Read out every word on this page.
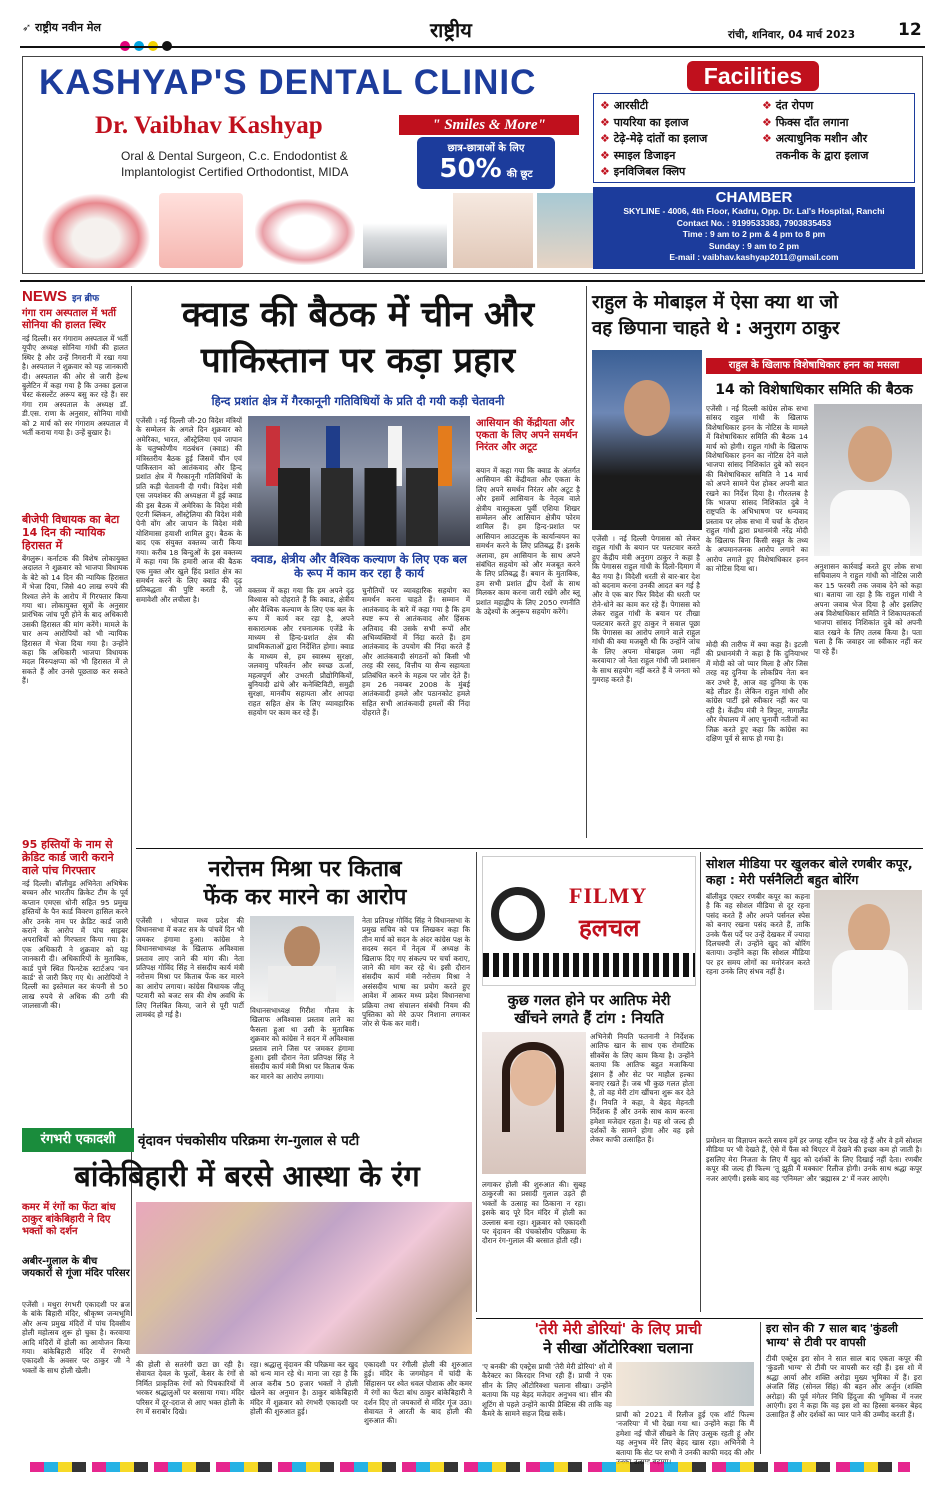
➶ राष्ट्रीय नवीन मेल	राष्ट्रीय	रांची, शनिवार, 04 मार्च 2023	12
KASHYAP'S DENTAL CLINIC
Dr. Vaibhav Kashyap	" Smiles & More"
Oral & Dental Surgeon, C.c. Endodontist &
Implantologist Certified Orthodontist, MIDA
छात्र-छात्राओं के लिए
50% की छूट
Facilities
❖ आरसीटी
❖ पायरिया का इलाज
❖ टेढ़े-मेढ़े दांतों का इलाज
❖ स्माइल डिजाइन
❖ इनविजिबल क्लिप
❖ दंत रोपण
❖ फिक्स दाँत लगाना
❖ अत्याधुनिक मशीन और
तकनीक के द्वारा इलाज
CHAMBER
SKYLINE - 4006, 4th Floor, Kadru, Opp. Dr. Lal's Hospital, Ranchi
Contact No. : 9199533383, 7903835453
Time : 9 am to 2 pm & 4 pm to 8 pm
Sunday : 9 am to 2 pm
E-mail : vaibhav.kashyap2011@gmail.com
NEWS इन ब्रीफ
गंगा राम अस्पताल में भर्ती सोनिया की हालत स्थिर
नई दिल्ली। सर गंगाराम अस्पताल में भर्ती यूपीए अध्यक्ष सोनिया गांधी की हालत स्थिर है और उन्हें निगरानी में रखा गया है। अस्पताल ने शुक्रवार को यह जानकारी दी। अस्पताल की ओर से जारी हेल्थ बुलेटिन में कहा गया है कि उनका इलाज चेस्ट कंसल्टेंट अरूप बसु कर रहे हैं। सर गंगा राम अस्पताल के अध्यक्ष डॉ. डी.एस. राणा के अनुसार, सोनिया गांधी को 2 मार्च को सर गंगाराम अस्पताल में भर्ती कराया गया है। उन्हें बुखार है।
बीजेपी विधायक का बेटा 14 दिन की न्यायिक हिरासत में
बेंगलुरू। कर्नाटक की विशेष लोकायुक्त अदालत ने शुक्रवार को भाजपा विधायक के बेटे को 14 दिन की न्यायिक हिरासत में भेजा दिया, जिसे 40 लाख रुपये की रिश्वत लेने के आरोप में गिरफ्तार किया गया था। लोकायुक्त सूत्रों के अनुसार प्रारंभिक जांच पूरी होने के बाद अधिकारी उसकी हिरासत की मांग करेंगे। मामले के चार अन्य आरोपियों को भी न्यायिक हिरासत में भेजा दिया गया है। उन्होंने कहा कि अधिकारी भाजपा विधायक मदल विरुपक्षप्पा को भी हिरासत में ले सकते हैं और उनसे पूछताछ कर सकते हैं।
95 हस्तियों के नाम से क्रेडिट कार्ड जारी कराने वाले पांच गिरफ्तार
नई दिल्ली। बॉलीवुड अभिनेता अभिषेक बच्चन और भारतीय क्रिकेट टीम के पूर्व कप्तान एमएस धोनी सहित 95 प्रमुख हस्तियों के पैन कार्ड विवरण हासिल करने और उनके नाम पर क्रेडिट कार्ड जारी कराने के आरोप में पांच साइबर अपराधियों को गिरफ्तार किया गया है। एक अधिकारी ने शुक्रवार को यह जानकारी दी। अधिकारियों के मुताबिक, कार्ड पुणे स्थित फिनटेक स्टार्टअप 'वन कार्ड' से जारी किए गए थे। आरोपियों ने दिल्ली का इस्तेमाल कर कंपनी से 50 लाख रुपये से अधिक की ठगी की जालसाजी की।
क्वाड की बैठक में चीन और
पाकिस्तान पर कड़ा प्रहार
हिन्द प्रशांत क्षेत्र में गैरकानूनी गतिविधियों के प्रति दी गयी कड़ी चेतावनी
एजेंसी । नई दिल्ली जी-20 विदेश मंत्रियों के सम्मेलन के अगले दिन शुक्रवार को अमेरिका, भारत, ऑस्ट्रेलिया एवं जापान के चतुष्कोणीय गठबंधन (क्वाड) की मंत्रिस्तरीय बैठक हुई जिसमें चीन एवं पाकिस्तान को आतंकवाद और हिन्द प्रशांत क्षेत्र में गैरकानूनी गतिविधियों के प्रति कड़ी चेतावनी दी गयी। विदेश मंत्री एस जयशंकर की अध्यक्षता में हुई क्वाड की इस बैठक में अमेरिका के विदेश मंत्री एंटनी ब्लिंकन, ऑस्ट्रेलिया की विदेश मंत्री पेनी वोंग और जापान के विदेश मंत्री योशिमासा हयाशी शामिल हुए। बैठक के बाद एक संयुक्त वक्तव्य जारी किया गया। करीब 18 बिन्दुओं के इस वक्तव्य में कहा गया कि हमारी आज की बैठक एक मुक्त और खुले हिंद प्रशांत क्षेत्र का समर्थन करने के लिए क्वाड की दृढ़ प्रतिबद्धता की पुष्टि करती है, जो समावेशी और लचीला है।
क्वाड, क्षेत्रीय और वैश्विक कल्याण के लिए एक बल के रूप में काम कर रहा है कार्य
वक्तव्य में कहा गया कि हम अपने दृढ़ विश्वास को दोहराते हैं कि क्वाड, क्षेत्रीय और वैश्विक कल्याण के लिए एक बल के रूप में कार्य कर रहा है, अपने सकारात्मक और रचनात्मक एजेंडे के माध्यम से हिन्द-प्रशांत क्षेत्र की प्राथमिकताओं द्वारा निर्देशित होगा। क्वाड के माध्यम से, हम स्वास्थ्य सुरक्षा, जलवायु परिवर्तन और स्वच्छ ऊर्जा, महत्वपूर्ण और उभरती प्रौद्योगिकियों, बुनियादी ढांचे और कनेक्टिविटी, समुद्री सुरक्षा, मानवीय सहायता और आपदा राहत सहित क्षेत्र के लिए व्यावहारिक सहयोग पर काम कर रहे हैं।
चुनौतियों पर व्यावहारिक सहयोग का समर्थन करना चाहते हैं। सम्मान में आतंकवाद के बारे में कहा गया है कि हम स्पष्ट रूप से आतंकवाद और हिंसक अतिवाद की उसके सभी रूपों और अभिव्यक्तियों में निंदा करते हैं। हम आतंकवाद के उपयोग की निंदा करते हैं और आतंकवादी संगठनों को किसी भी तरह की रसद, वित्तीय या सैन्य सहायता प्रतिबंधित करने के महत्व पर जोर देते हैं। हम 26 नवम्बर 2008 के मुंबई आतंकवादी हमले और पठानकोट हमले सहित सभी आतंकवादी हमलों की निंदा दोहराते हैं।
आसियान की केंद्रीयता और एकता के लिए अपने समर्थन निरंतर और अटूट
बयान में कहा गया कि क्वाड के अंतर्गत आसियान की केंद्रीयता और एकता के लिए अपने समर्थन निरंतर और अटूट है और इसमें आसियान के नेतृत्व वाले क्षेत्रीय वास्तुकला पूर्वी एशिया शिखर सम्मेलन और आसियान क्षेत्रीय फोरम शामिल हैं। हम हिन्द-प्रशांत पर आसियान आउटलुक के कार्यान्वयन का समर्थन करने के लिए प्रतिबद्ध हैं। इसके अलावा, हम आसियान के साथ अपने संबंधित सहयोग को और मजबूत करने के लिए प्रतिबद्ध हैं। बयान के मुताबिक, हम सभी प्रशांत द्वीप देशों के साथ मिलकर काम करना जारी रखेंगे और ब्लू प्रशांत महाद्वीप के लिए 2050 रणनीति के उद्देश्यों के अनुरूप सहयोग करेंगे।
राहुल के मोबाइल में ऐसा क्या था जो
वह छिपाना चाहते थे : अनुराग ठाकुर
राहुल के खिलाफ विशेषाधिकार हनन का मसला
14 को विशेषाधिकार समिति की बैठक
एजेंसी । नई दिल्ली पेगासस को लेकर राहुल गांधी के बयान पर पलटवार करते हुए केंद्रीय मंत्री अनुराग ठाकुर ने कहा है कि पेगासस राहुल गांधी के दिलो-दिमाग में बैठ गया है। विदेशी धरती से बार-बार देश को बदनाम करना उनकी आदत बन गई है और वे एक बार फिर विदेश की धरती पर रोने-धोने का काम कर रहे हैं। पेगासस को लेकर राहुल गांधी के बयान पर तीखा पलटवार करते हुए ठाकुर ने सवाल पूछा कि पेगासस का आरोप लगाने वाले राहुल गांधी की क्या मजबूरी थी कि उन्होंने जांच के लिए अपना मोबाइल जमा नहीं करवाया? जो नेता राहुल गांधी जी प्रशासन के साथ सहयोग नहीं करते हैं वे जनता को गुमराह करते हैं।
एजेंसी । नई दिल्ली कांग्रेस लोक सभा सांसद राहुल गांधी के खिलाफ विशेषाधिकार हनन के नोटिस के मामले में विशेषाधिकार समिति की बैठक 14 मार्च को होगी। राहुल गांधी के खिलाफ विशेषाधिकार हनन का नोटिस देने वाले भाजपा सांसद निशिकांत दुबे को सदन की विशेषाधिकार समिति ने 14 मार्च को अपने सामने पेश होकर अपनी बात रखने का निर्देश दिया है। गौरतलब है कि भाजपा सांसद निशिकांत दुबे ने राष्ट्रपति के अभिभाषण पर धन्यवाद प्रस्ताव पर लोक सभा में चर्चा के दौरान राहुल गांधी द्वारा प्रधानमंत्री नरेंद्र मोदी के खिलाफ बिना किसी सबूत के तथ्य के अपमानजनक आरोप लगाने का आरोप लगाते हुए विशेषाधिकार हनन का नोटिस दिया था।	अनुशासन कार्रवाई करते हुए लोक सभा सचिवालय ने राहुल गांधी को नोटिस जारी कर 15 फरवरी तक जवाब देने को कहा था। बताया जा रहा है कि राहुल गांधी ने अपना जवाब भेज दिया है और इसलिए अब विशेषाधिकार समिति ने शिकायतकर्ता भाजपा सांसद निशिकांत दुबे को अपनी बात रखने के लिए तलब किया है। पता चला है कि जवाहर जा स्वीकार नहीं कर पा रहे हैं।
मोदी की तारीफ में क्या कहा है। इटली की प्रधानमंत्री ने कहा है कि दुनियाभर में मोदी को जो प्यार मिला है और जिस तरह वह दुनिया के लोकप्रिय नेता बन कर उभरे हैं, आज वह दुनिया के एक बड़े लीडर हैं। लेकिन राहुल गांधी और कांग्रेस पार्टी इसे स्वीकार नहीं कर पा रही है। केंद्रीय मंत्री ने त्रिपुरा, नागालैंड और मेघालय में आए चुनावी नतीजों का जिक्र करते हुए कहा कि कांग्रेस का दक्षिण पूर्व से साफ हो गया है।
नरोत्तम मिश्रा पर किताब
फेंक कर मारने का आरोप
एजेंसी । भोपाल मध्य प्रदेश की विधानसभा में बजट सत्र के पांचवें दिन भी जमकर हंगामा हुआ। कांग्रेस ने विधानसभाध्यक्ष के खिलाफ अविश्वास प्रस्ताव लाए जाने की मांग की। नेता प्रतिपक्ष गोविंद सिंह ने संसदीय कार्य मंत्री नरोत्तम मिश्रा पर किताब फेंक कर मारने का आरोप लगाया। कांग्रेस विधायक जीतू पटवारी को बजट सत्र की शेष अवधि के लिए निलंबित किया, जाने से पूरी पार्टी लामबंद हो गई है।	विधानसभाध्यक्ष गिरीश गौतम के खिलाफ अविश्वास प्रस्ताव लाने का फैसला हुआ था उसी के मुताबिक शुक्रवार को कांग्रेस ने सदन में अविश्वास प्रस्ताव लाने जिस पर जमकर हंगामा हुआ। इसी दौरान नेता प्रतिपक्ष सिंह ने संसदीय कार्य मंत्री मिश्रा पर किताब फेंक कर मारने का आरोप लगाया।
नेता प्रतिपक्ष गोविंद सिंह ने विधानसभा के प्रमुख सचिव को पत्र लिखकर कहा कि तीन मार्च को सदन के अंदर कांग्रेस पक्ष के सदस्य सदन में नेतृत्व में अध्यक्ष के खिलाफ दिए गए संकल्प पर चर्चा कराए, जाने की मांग कर रहे थे। इसी दौरान संसदीय कार्य मंत्री नरोत्तम मिश्रा ने असंसदीय भाषा का प्रयोग करते हुए आवेश में आकर मध्य प्रदेश विधानसभा प्रक्रिया तथा संचालन संबंधी नियम की पुस्तिका को मेरे ऊपर निशाना लगाकर जोर से फेंक कर मारी।
FILMY
हलचल
कुछ गलत होने पर आतिफ मेरी
खींचने लगते हैं टांग : नियति
अभिनेत्री नियति फतनानी ने निर्देशक आतिफ खान के साथ एक रोमांटिक सीक्वेंस के लिए काम किया है। उन्होंने बताया कि आतिफ बहुत मजाकिया इंसान हैं और सेट पर माहौल हल्का बनाए रखते हैं। जब भी कुछ गलत होता है, तो वह मेरी टांग खींचना शुरू कर देते हैं। नियति ने कहा, वे बेहद मेहनती निर्देशक हैं और उनके साथ काम करना हमेशा मजेदार रहता है। यह शो जल्द ही दर्शकों के सामने होगा और वह इसे लेकर काफी उत्साहित हैं।
सोशल मीडिया पर खुलकर बोले रणबीर कपूर, कहा : मेरी पर्सनैलिटी बहुत बोरिंग
बॉलीवुड एक्टर रणबीर कपूर का कहना है कि वह सोशल मीडिया से दूर रहना पसंद करते हैं और अपने पर्सनल स्पेस को बनाए रखना पसंद करते हैं, ताकि उनके फैंस पर्दे पर उन्हें देखकर में ज्यादा दिलचस्पी लें। उन्होंने खुद को बोरिंग बताया। उन्होंने कहा कि सोशल मीडिया पर हर समय लोगों का मनोरंजन करते रहना उनके लिए संभव नहीं है।
प्रमोशन या विज्ञापन करते समय हमें हर जगह रहीन पर देख रहे हैं और वे हमें सोशल मीडिया पर भी देखते हैं, ऐसे में फैंस को थिएटर में देखने की इच्छा कम हो जाती है। इसलिए मेरा निजता के लिए मैं खुद को दर्शकों के लिए दिखाई नहीं देता। रणबीर कपूर की जल्द ही फिल्म 'तू झूठी मैं मक्कार' रिलीज होगी। उनके साथ श्रद्धा कपूर नजर आएंगी। इसके बाद वह 'एनिमल' और 'ब्रह्मास्त्र 2' में नजर आएंगे।
रंगभरी एकादशी	वृंदावन पंचकोसीय परिक्रमा रंग-गुलाल से पटी
बांकेबिहारी में बरसे आस्था के रंग
कमर में रंगों का फेंटा बांध ठाकुर बांकेबिहारी ने दिए भक्तों को दर्शन
अबीर-गुलाल के बीच जयकारों से गूंजा मंदिर परिसर
एजेंसी । मथुरा रंगभरी एकादशी पर ब्रज के बांके बिहारी मंदिर, श्रीकृष्ण जन्मभूमि और अन्य प्रमुख मंदिरों में पांच दिवसीय होली महोत्सव शुरू हो चुका है। करवाया आदि मंदिरों में होली का आयोजन किया गया। बांकेबिहारी मंदिर में रंगभरी एकादशी के अवसर पर ठाकुर जी ने भक्तों के साथ होली खेली।
की होली से सतरंगी छटा छा रही है। सेवायत देवल के फूलों, केसर के रंगों से निर्मित प्राकृतिक रंगों को पिचकारियों में भरकर श्रद्धालुओं पर बरसाया गया। मंदिर परिसर में दूर-दराज से आए भक्त होली के रंग में सराबोर दिखे।
रहा। श्रद्धालु वृंदावन की परिक्रमा कर खुद को धन्य मान रहे थे। माना जा रहा है कि आज करीब 50 हजार भक्तों ने होली खेलने का अनुमान है। ठाकुर बांकेबिहारी मंदिर में शुक्रवार को रंगभरी एकादशी पर होली की शुरुआत हुई।
एकादशी पर रंगीली होली की शुरुआत हुई। मंदिर के जगमोहन में चांदी के सिंहासन पर श्वेत धवल पोशाक और कमर में रंगों का फेंटा बांध ठाकुर बांकेबिहारी ने दर्शन दिए तो जयकारों से मंदिर गूंज उठा। सेवायत ने आरती के बाद होली की शुरुआत की।
लगाकर होली की शुरुआत की। सुबह ठाकुरजी का प्रसादी गुलाल उड़ते ही भक्तों के उत्साह का ठिकाना न रहा। इसके बाद पूरे दिन मंदिर में होली का उल्लास बना रहा। शुक्रवार को एकादशी पर वृंदावन की पंचकोसीय परिक्रमा के दौरान रंग-गुलाल की बरसात होती रही।
'तेरी मेरी डोरियां' के लिए प्राची
ने सीखा ऑटोरिक्शा चलाना
'ए बनकी' की एक्ट्रेस प्राची 'तेरी मेरी डोरियां' शो में कैरेक्टर का किरदार निभा रही हैं। प्राची ने एक सीन के लिए ऑटोरिक्शा चलाना सीखा। उन्होंने बताया कि यह बेहद मजेदार अनुभव था। सीन की शूटिंग से पहले उन्होंने काफी प्रैक्टिस की ताकि वह कैमरे के सामने सहज दिख सकें।	प्राची को 2021 में रिलीज हुई एक शॉर्ट फिल्म 'नजरिया' में भी देखा गया था। उन्होंने कहा कि मैं हमेशा नई चीजें सीखने के लिए उत्सुक रहती हूं और यह अनुभव मेरे लिए बेहद खास रहा। अभिनेत्री ने बताया कि सेट पर सभी ने उनकी काफी मदद की और
इरा सोन की 7 साल बाद 'कुंडली भाग्य' से टीवी पर वापसी
टीवी एक्ट्रेस इरा सोन ने सात साल बाद एकता कपूर की 'कुंडली भाग्य' से टीवी पर वापसी कर रही हैं। इस शो में श्रद्धा आर्या और शक्ति अरोड़ा मुख्य भूमिका में हैं। इरा अंजलि सिंह (सोनल सिंह) की बहन और अर्जुन (शक्ति अरोड़ा) की पूर्व मंगेतर निधि हिंदुजा की भूमिका में नजर आएंगी। इरा ने कहा कि वह इस शो का हिस्सा बनकर बेहद उत्साहित हैं और दर्शकों का प्यार पाने की उम्मीद करती हैं।
